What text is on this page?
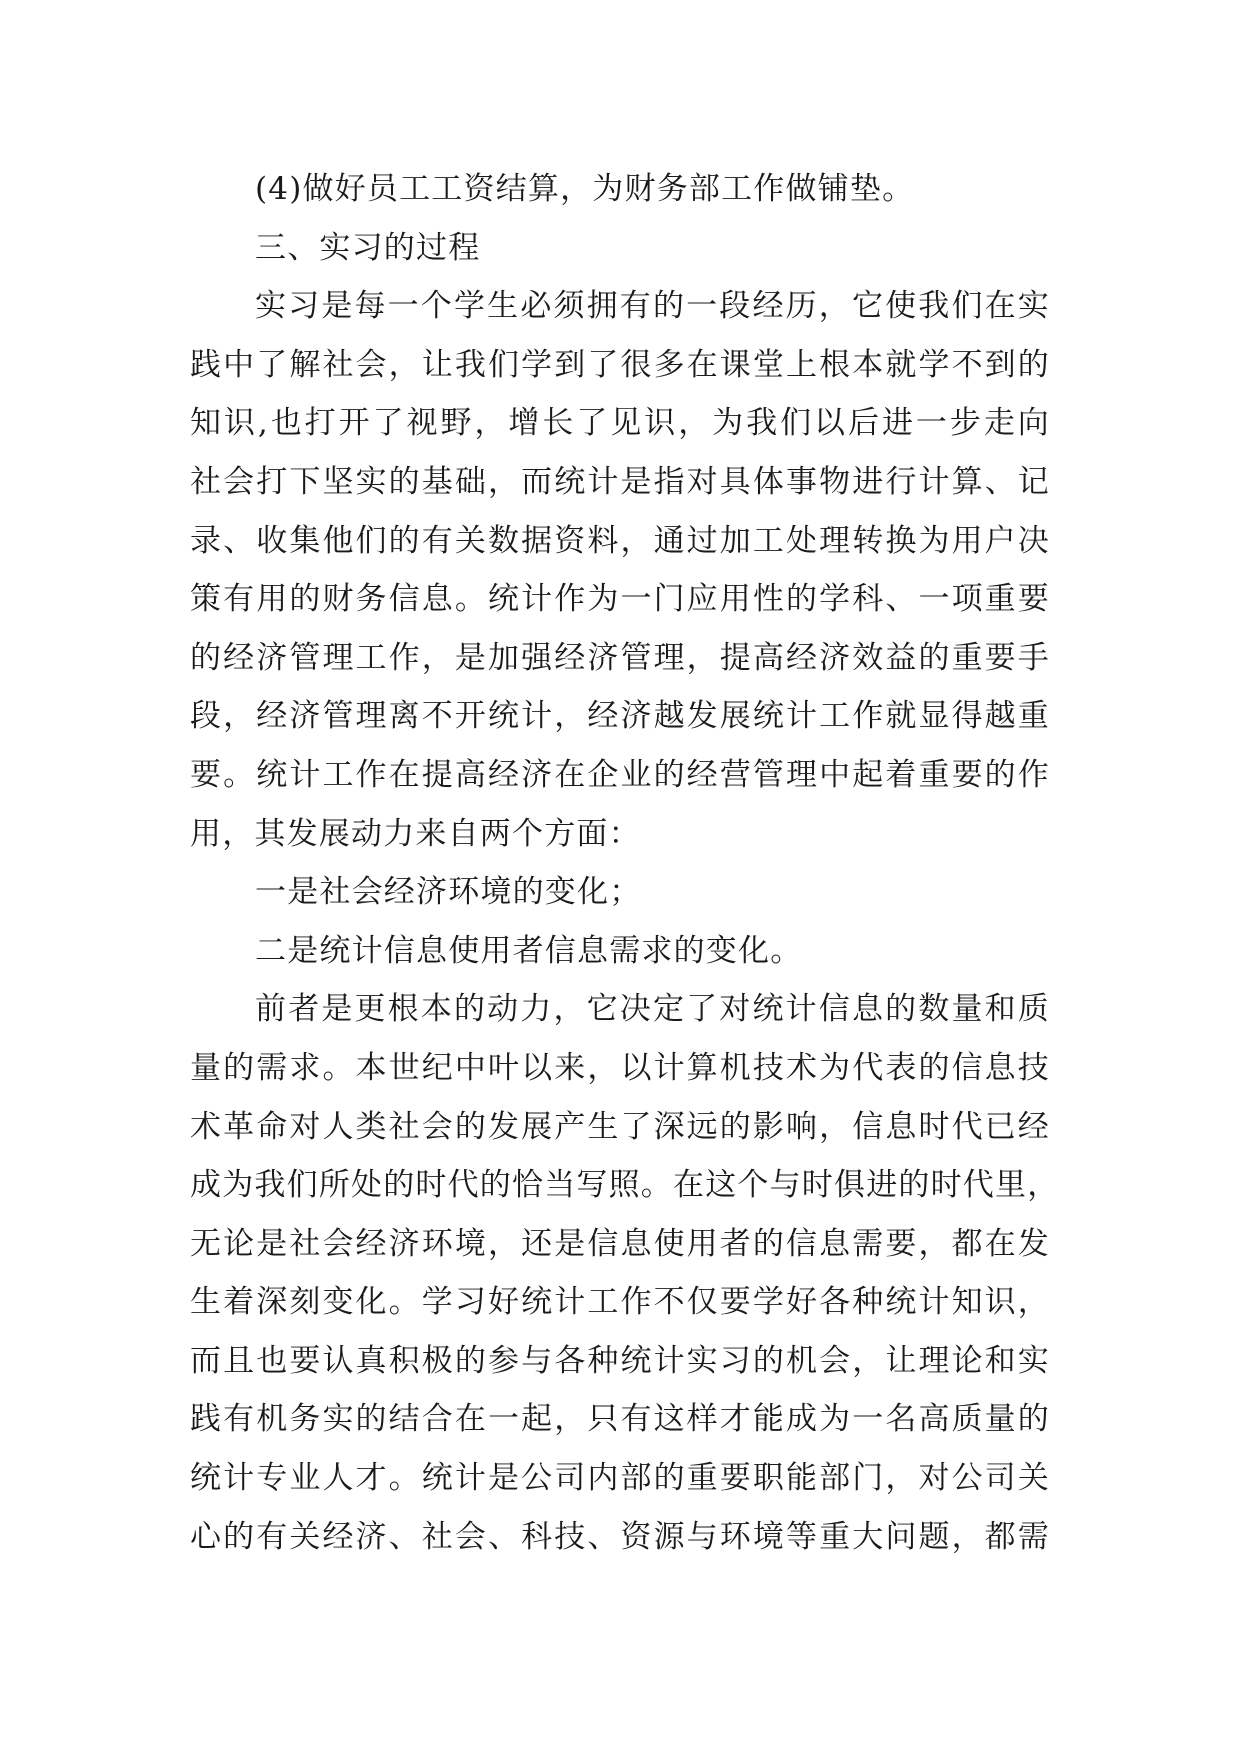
(4)做好员工工资结算，为财务部工作做铺垫。
三、实习的过程
实习是每一个学生必须拥有的一段经历，它使我们在实
践中了解社会，让我们学到了很多在课堂上根本就学不到的
知识,也打开了视野，增长了见识，为我们以后进一步走向
社会打下坚实的基础，而统计是指对具体事物进行计算、记
录、收集他们的有关数据资料，通过加工处理转换为用户决
策有用的财务信息。统计作为一门应用性的学科、一项重要
的经济管理工作，是加强经济管理，提高经济效益的重要手
段，经济管理离不开统计，经济越发展统计工作就显得越重
要。统计工作在提高经济在企业的经营管理中起着重要的作
用，其发展动力来自两个方面：
一是社会经济环境的变化；
二是统计信息使用者信息需求的变化。
前者是更根本的动力，它决定了对统计信息的数量和质
量的需求。本世纪中叶以来，以计算机技术为代表的信息技
术革命对人类社会的发展产生了深远的影响，信息时代已经
成为我们所处的时代的恰当写照。在这个与时俱进的时代里，
无论是社会经济环境，还是信息使用者的信息需要，都在发
生着深刻变化。学习好统计工作不仅要学好各种统计知识，
而且也要认真积极的参与各种统计实习的机会，让理论和实
践有机务实的结合在一起，只有这样才能成为一名高质量的
统计专业人才。统计是公司内部的重要职能部门，对公司关
心的有关经济、社会、科技、资源与环境等重大问题，都需
